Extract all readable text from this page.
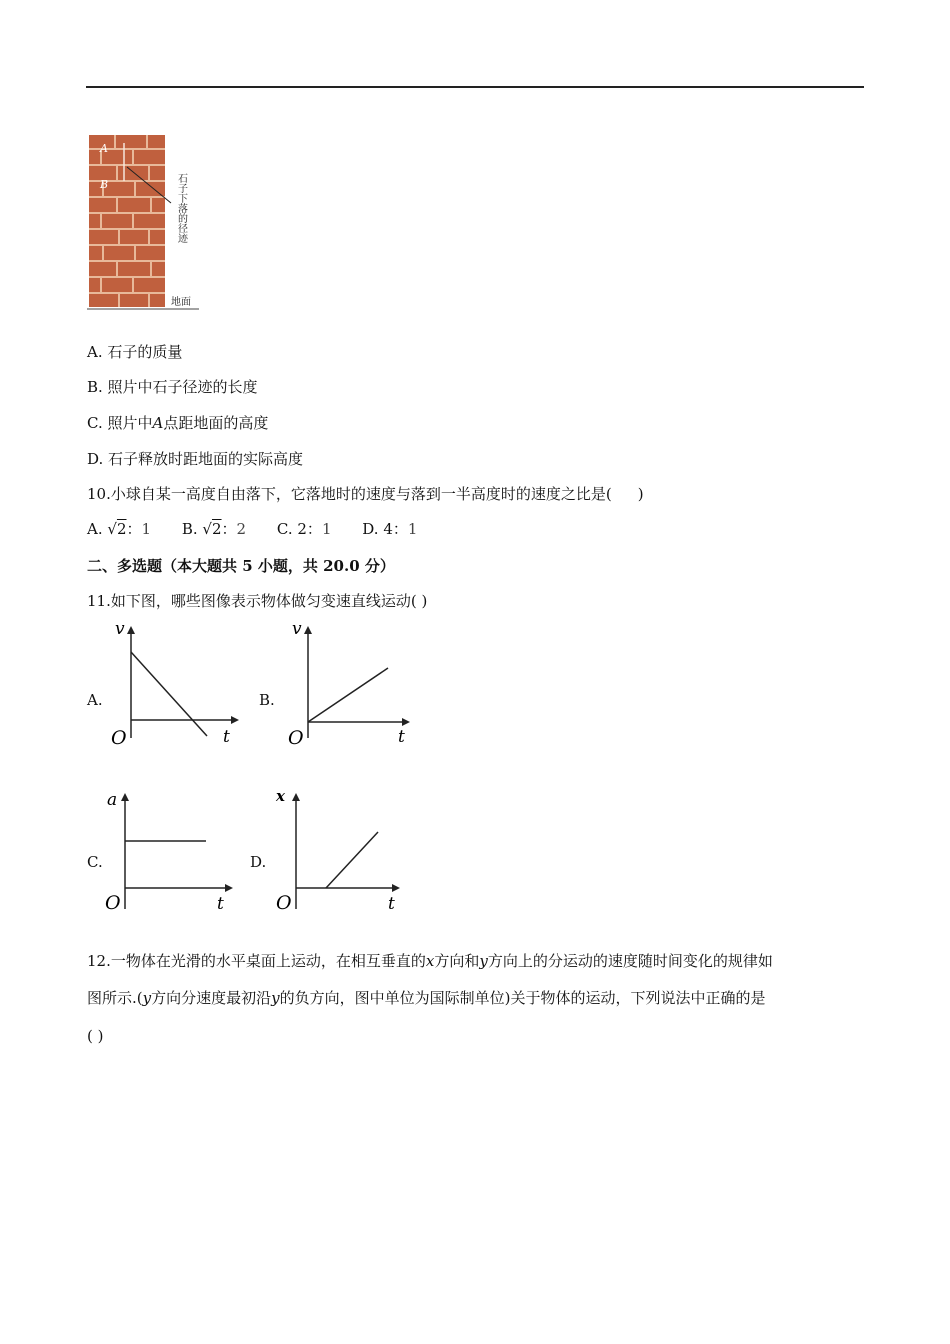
A
B	石子下落的径迹
地面
A. 石子的质量
B. 照片中石子径迹的长度
C. 照片中A点距地面的高度
D. 石子释放时距地面的实际高度
10.小球自某一高度自由落下，它落地时的速度与落到一半高度时的速度之比是( )
A. √2：1 B. √2：2 C. 2：1 D. 4：1
二、多选题（本大题共 5 小题，共 20.0 分）
11.如下图，哪些图像表示物体做匀变速直线运动( )
A.
v
t
O
B.
v
t
O
C.
a
t
O
D.
x
t
O
12.一物体在光滑的水平桌面上运动，在相互垂直的x方向和y方向上的分运动的速度随时间变化的规律如
图所示.(y方向分速度最初沿y的负方向，图中单位为国际制单位)关于物体的运动，下列说法中正确的是
( )
